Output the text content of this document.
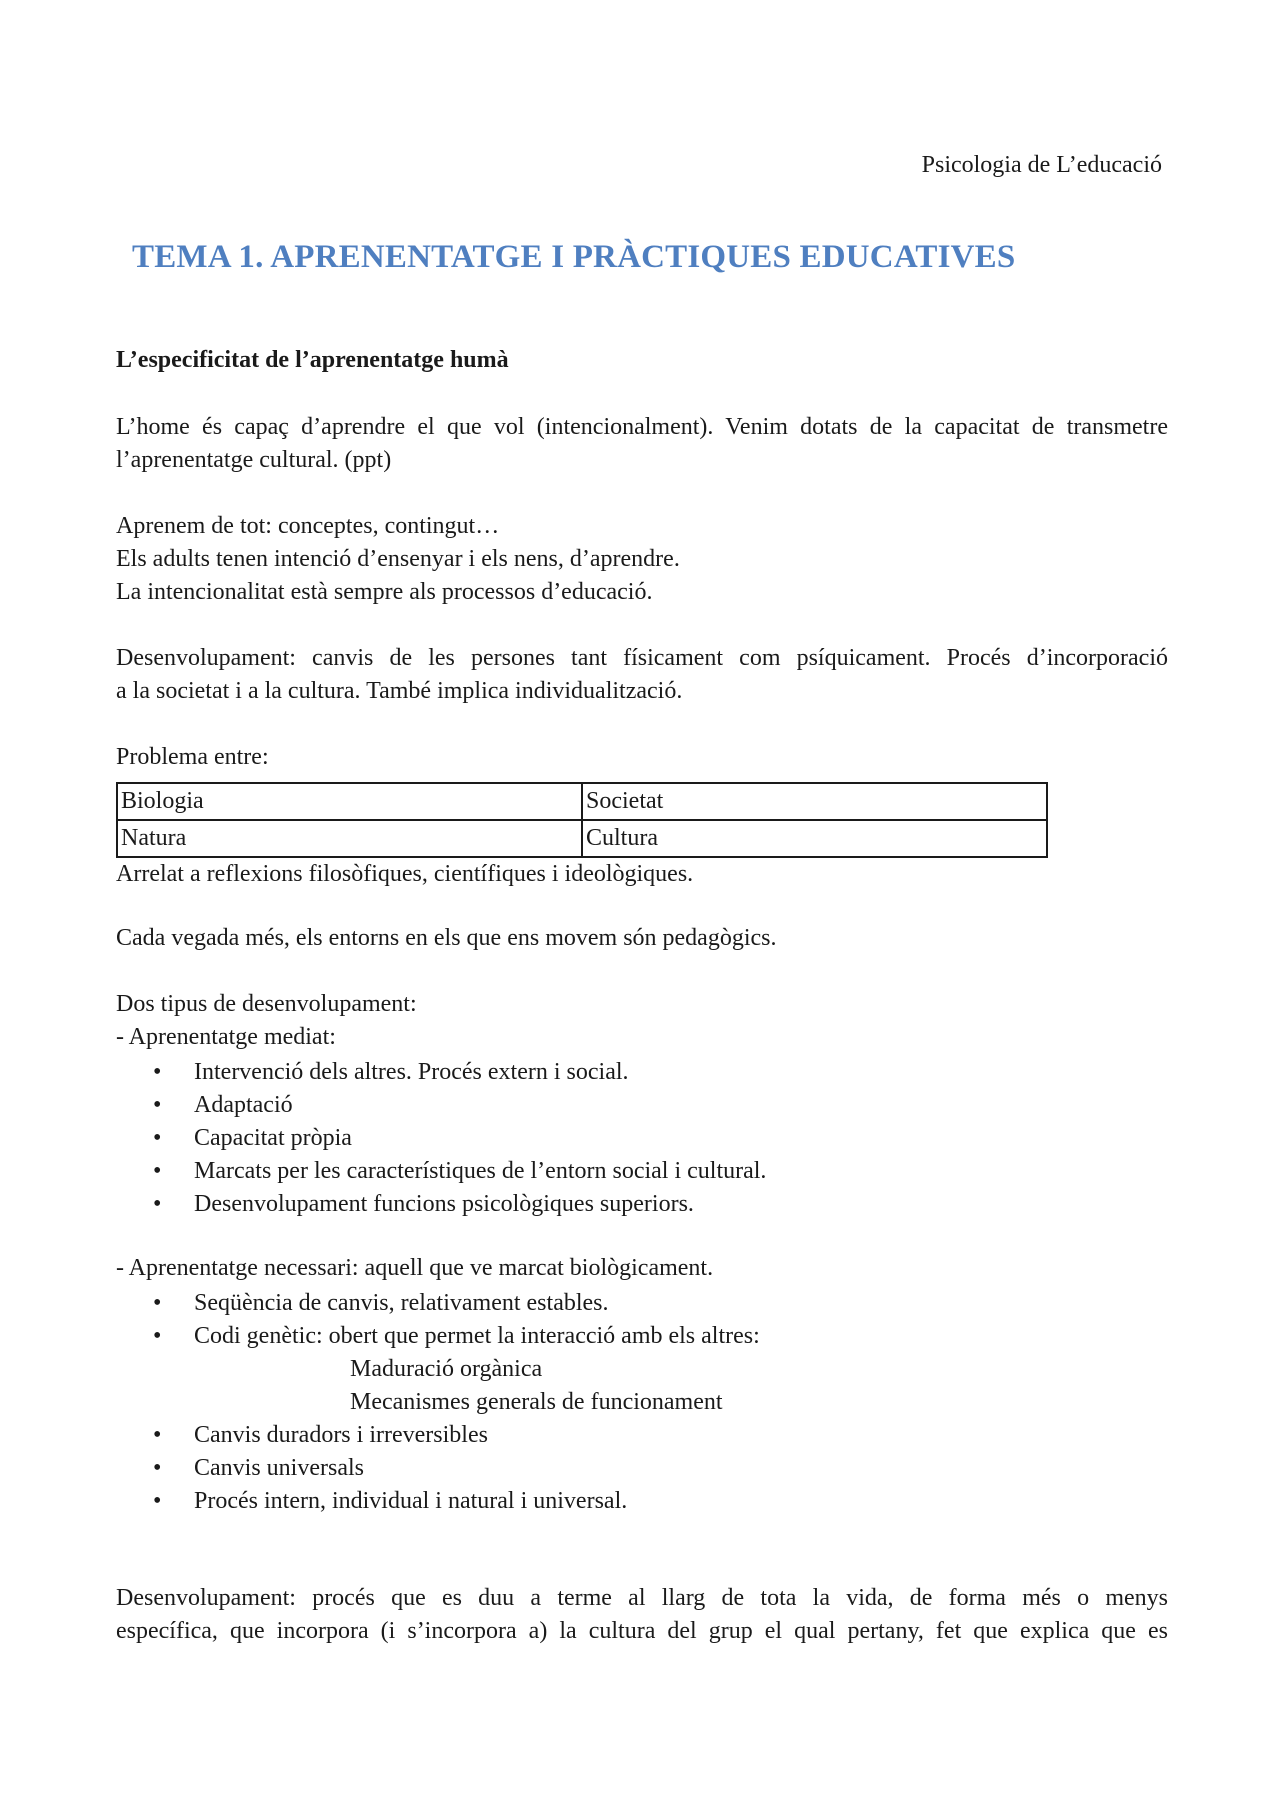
Psicologia de L’educació
TEMA 1. APRENENTATGE I PRÀCTIQUES EDUCATIVES
L’especificitat de l’aprenentatge humà
L’home és capaç d’aprendre el que vol (intencionalment). Venim dotats de la capacitat de transmetre
l’aprenentatge cultural. (ppt)
Aprenem de tot: conceptes, contingut…
Els adults tenen intenció d’ensenyar i els nens, d’aprendre.
La intencionalitat està sempre als processos d’educació.
Desenvolupament: canvis de les persones tant físicament com psíquicament. Procés d’incorporació
a la societat i a la cultura. També implica individualització.
Problema entre:
Biologia	Societat
Natura	Cultura
Arrelat a reflexions filosòfiques, científiques i ideològiques.
Cada vegada més, els entorns en els que ens movem són pedagògics.
Dos tipus de desenvolupament:
- Aprenentatge mediat:
• Intervenció dels altres. Procés extern i social.
• Adaptació
• Capacitat pròpia
• Marcats per les característiques de l’entorn social i cultural.
• Desenvolupament funcions psicològiques superiors.
- Aprenentatge necessari: aquell que ve marcat biològicament.
• Seqüència de canvis, relativament estables.
• Codi genètic: obert que permet la interacció amb els altres:
Maduració orgànica
Mecanismes generals de funcionament
• Canvis duradors i irreversibles
• Canvis universals
• Procés intern, individual i natural i universal.
Desenvolupament: procés que es duu a terme al llarg de tota la vida, de forma més o menys
específica, que incorpora (i s’incorpora a) la cultura del grup el qual pertany, fet que explica que es
